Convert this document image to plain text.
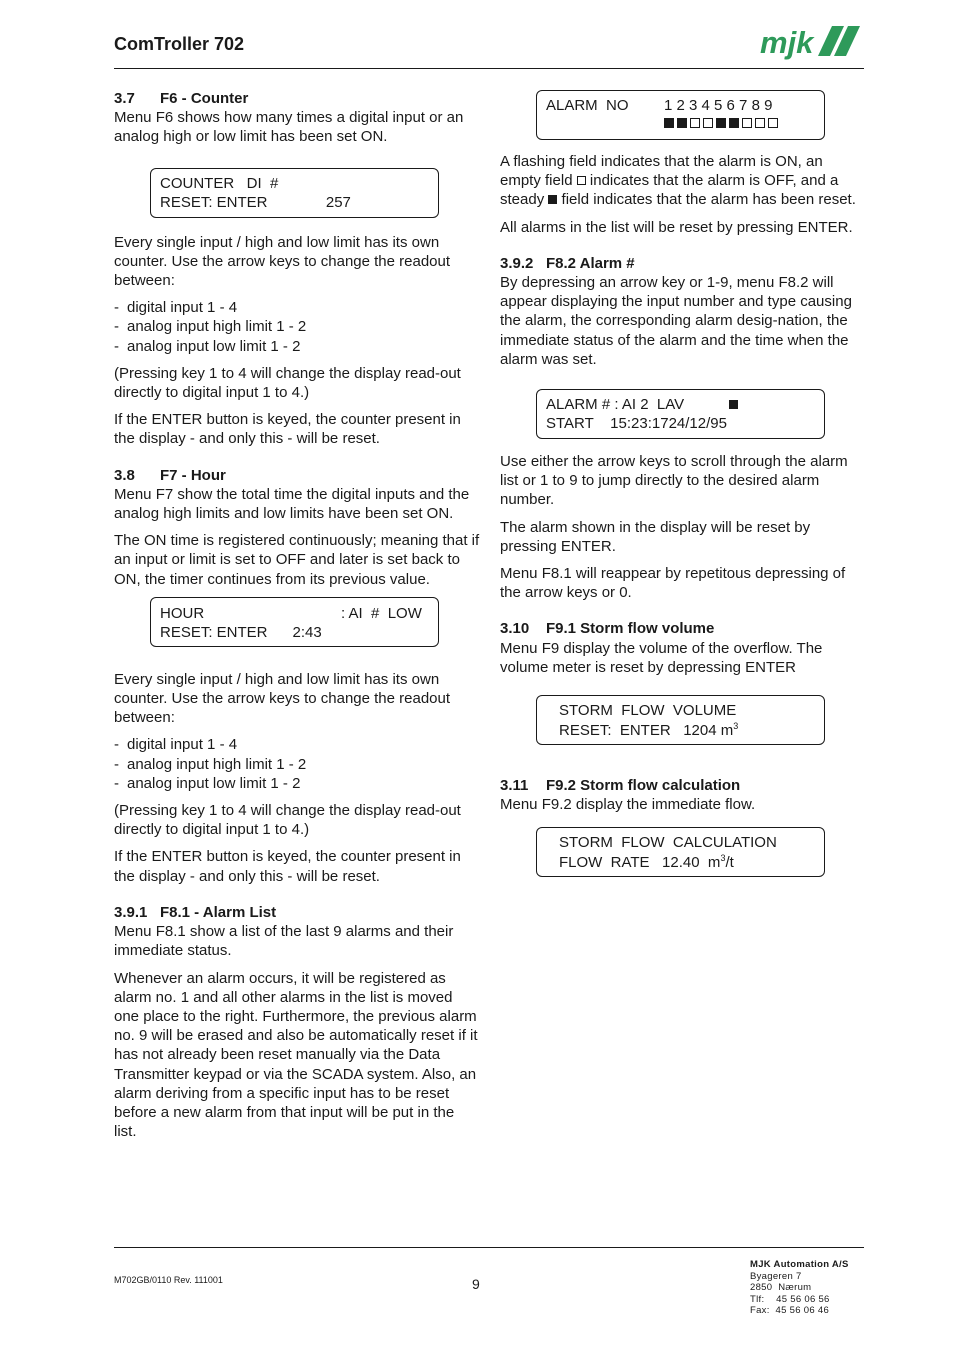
ComTroller 702	mjk
3.7 F6 - Counter

Menu F6 shows how many times a digital input or an analog high or low limit has been set ON.

COUNTER   DI  #
RESET: ENTER              257

Every single input / high and low limit has its own counter. Use the arrow keys to change the readout between:

- digital input 1 - 4
- analog input high limit 1 - 2
- analog input low limit 1 - 2

(Pressing key 1 to 4 will change the display read-out directly to digital input 1 to 4.)

If the ENTER button is keyed, the counter present in the display - and only this - will be reset.

3.8 F7 - Hour

Menu F7 show the total time the digital inputs and the analog high limits and low limits have been set ON.

The ON time is registered continuously; meaning that if an input or limit is set to OFF and later is set back to ON, the timer continues from its previous value.

HOUR	: AI  #  LOW
RESET: ENTER      2:43

Every single input / high and low limit has its own counter. Use the arrow keys to change the readout between:

- digital input 1 - 4
- analog input high limit 1 - 2
- analog input low limit 1 - 2

(Pressing key 1 to 4 will change the display read-out directly to digital input 1 to 4.)

If the ENTER button is keyed, the counter present in the display - and only this - will be reset.

3.9.1 F8.1 - Alarm List

Menu F8.1 show a list of the last 9 alarms and their immediate status.

Whenever an alarm occurs, it will be registered as alarm no. 1 and all other alarms in the list is moved one place to the right. Furthermore, the previous alarm no. 9 will be erased and also be automatically reset if it has not already been reset manually via the Data Transmitter keypad or via the SCADA system. Also, an alarm deriving from a specific input has to be reset before a new alarm from that input will be put in the list.

ALARM  NO 1 2 3 4 5 6 7 8 9

A flashing field indicates that the alarm is ON, an empty field indicates that the alarm is OFF, and a steady field indicates that the alarm has been reset.

All alarms in the list will be reset by pressing ENTER.

3.9.2 F8.2 Alarm #

By depressing an arrow key or 1-9, menu F8.2 will appear displaying the input number and type causing the alarm, the corresponding alarm desig-nation, the immediate status of the alarm and the time when the alarm was set.

ALARM # : AI 2  LAV
START    15:23:1724/12/95

Use either the arrow keys to scroll through the alarm list or 1 to 9 to jump directly to the desired alarm number.

The alarm shown in the display will be reset by pressing ENTER.

Menu F8.1 will reappear by repetitous depressing of the arrow keys or 0.

3.10 F9.1 Storm flow volume

Menu F9 display the volume of the overflow. The volume meter is reset by depressing ENTER

STORM  FLOW  VOLUME
RESET:  ENTER   1204 $m^3$
3.11 F9.2 Storm flow calculation

Menu F9.2 display the immediate flow.

STORM  FLOW  CALCULATION
FLOW  RATE   12.40  $m^3/t$
M702GB/0110 Rev. 111001	9
MJK Automation A/S
Byageren 7
2850  Nærum
Tlf:    45 56 06 56
Fax:  45 56 06 46
